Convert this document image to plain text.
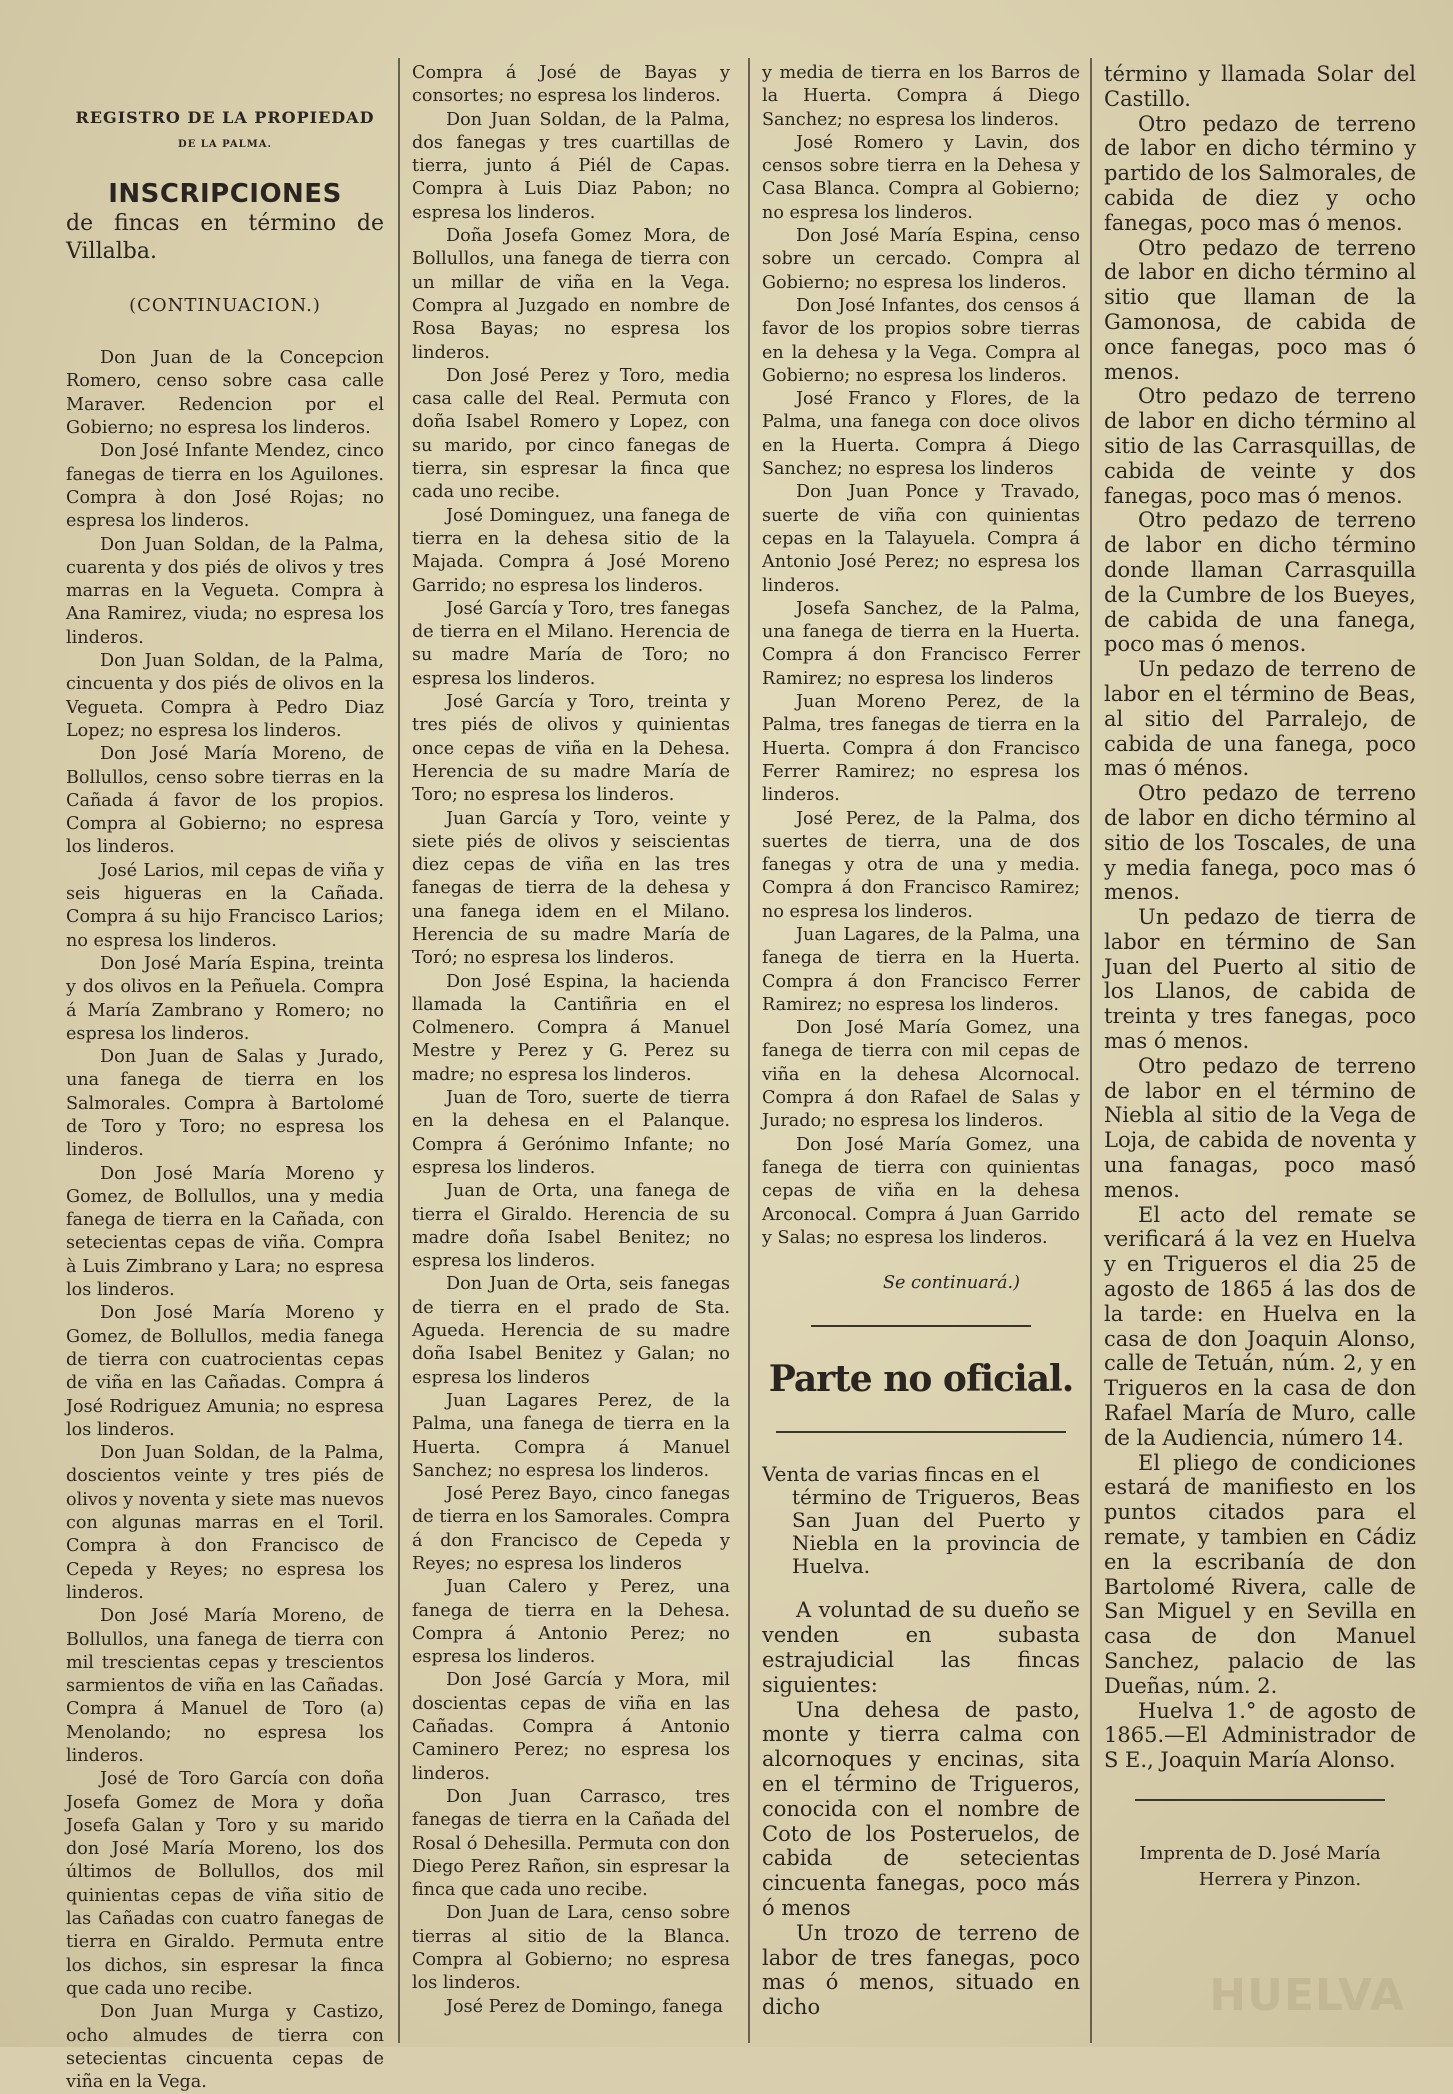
REGISTRO DE LA PROPIEDAD
DE LA PALMA.
INSCRIPCIONES
de fincas en término de Villalba.
(CONTINUACION.)

Don Juan de la Concepcion Romero, censo sobre casa calle Maraver. Redencion por el Gobierno; no espresa los linderos.

Don José Infante Mendez, cinco fanegas de tierra en los Aguilones. Compra à don José Rojas; no espresa los linderos.

Don Juan Soldan, de la Palma, cuarenta y dos piés de olivos y tres marras en la Vegueta. Compra à Ana Ramirez, viuda; no espresa los linderos.

Don Juan Soldan, de la Palma, cincuenta y dos piés de olivos en la Vegueta. Compra à Pedro Diaz Lopez; no espresa los linderos.

Don José María Moreno, de Bollullos, censo sobre tierras en la Cañada á favor de los propios. Compra al Gobierno; no espresa los linderos.

José Larios, mil cepas de viña y seis higueras en la Cañada. Compra á su hijo Francisco Larios; no espresa los linderos.

Don José María Espina, treinta y dos olivos en la Peñuela. Compra á María Zambrano y Romero; no espresa los linderos.

Don Juan de Salas y Jurado, una fanega de tierra en los Salmorales. Compra à Bartolomé de Toro y Toro; no espresa los linderos.

Don José María Moreno y Gomez, de Bollullos, una y media fanega de tierra en la Cañada, con setecientas cepas de viña. Compra à Luis Zimbrano y Lara; no espresa los linderos.

Don José María Moreno y Gomez, de Bollullos, media fanega de tierra con cuatrocientas cepas de viña en las Cañadas. Compra á José Rodriguez Amunia; no espresa los linderos.

Don Juan Soldan, de la Palma, doscientos veinte y tres piés de olivos y noventa y siete mas nuevos con algunas marras en el Toril. Compra à don Francisco de Cepeda y Reyes; no espresa los linderos.

Don José María Moreno, de Bollullos, una fanega de tierra con mil trescientas cepas y trescientos sarmientos de viña en las Cañadas. Compra á Manuel de Toro (a) Menolando; no espresa los linderos.

José de Toro García con doña Josefa Gomez de Mora y doña Josefa Galan y Toro y su marido don José María Moreno, los dos últimos de Bollullos, dos mil quinientas cepas de viña sitio de las Cañadas con cuatro fanegas de tierra en Giraldo. Permuta entre los dichos, sin espresar la finca que cada uno recibe.

Don Juan Murga y Castizo, ocho almudes de tierra con setecientas cincuenta cepas de viña en la Vega.

Compra á José de Bayas y consortes; no espresa los linderos.

Don Juan Soldan, de la Palma, dos fanegas y tres cuartillas de tierra, junto á Piél de Capas. Compra à Luis Diaz Pabon; no espresa los linderos.

Doña Josefa Gomez Mora, de Bollullos, una fanega de tierra con un millar de viña en la Vega. Compra al Juzgado en nombre de Rosa Bayas; no espresa los linderos.

Don José Perez y Toro, media casa calle del Real. Permuta con doña Isabel Romero y Lopez, con su marido, por cinco fanegas de tierra, sin espresar la finca que cada uno recibe.

José Dominguez, una fanega de tierra en la dehesa sitio de la Majada. Compra á José Moreno Garrido; no espresa los linderos.

José García y Toro, tres fanegas de tierra en el Milano. Herencia de su madre María de Toro; no espresa los linderos.

José García y Toro, treinta y tres piés de olivos y quinientas once cepas de viña en la Dehesa. Herencia de su madre María de Toro; no espresa los linderos.

Juan García y Toro, veinte y siete piés de olivos y seiscientas diez cepas de viña en las tres fanegas de tierra de la dehesa y una fanega idem en el Milano. Herencia de su madre María de Toró; no espresa los linderos.

Don José Espina, la hacienda llamada la Cantiñria en el Colmenero. Compra á Manuel Mestre y Perez y G. Perez su madre; no espresa los linderos.

Juan de Toro, suerte de tierra en la dehesa en el Palanque. Compra á Gerónimo Infante; no espresa los linderos.

Juan de Orta, una fanega de tierra el Giraldo. Herencia de su madre doña Isabel Benitez; no espresa los linderos.

Don Juan de Orta, seis fanegas de tierra en el prado de Sta. Agueda. Herencia de su madre doña Isabel Benitez y Galan; no espresa los linderos

Juan Lagares Perez, de la Palma, una fanega de tierra en la Huerta. Compra á Manuel Sanchez; no espresa los linderos.

José Perez Bayo, cinco fanegas de tierra en los Samorales. Compra á don Francisco de Cepeda y Reyes; no espresa los linderos

Juan Calero y Perez, una fanega de tierra en la Dehesa. Compra á Antonio Perez; no espresa los linderos.

Don José García y Mora, mil doscientas cepas de viña en las Cañadas. Compra á Antonio Caminero Perez; no espresa los linderos.

Don Juan Carrasco, tres fanegas de tierra en la Cañada del Rosal ó Dehesilla. Permuta con don Diego Perez Rañon, sin espresar la finca que cada uno recibe.

Don Juan de Lara, censo sobre tierras al sitio de la Blanca. Compra al Gobierno; no espresa los linderos.

José Perez de Domingo, fanega

y media de tierra en los Barros de la Huerta. Compra á Diego Sanchez; no espresa los linderos.

José Romero y Lavin, dos censos sobre tierra en la Dehesa y Casa Blanca. Compra al Gobierno; no espresa los linderos.

Don José María Espina, censo sobre un cercado. Compra al Gobierno; no espresa los linderos.

Don José Infantes, dos censos á favor de los propios sobre tierras en la dehesa y la Vega. Compra al Gobierno; no espresa los linderos.

José Franco y Flores, de la Palma, una fanega con doce olivos en la Huerta. Compra á Diego Sanchez; no espresa los linderos

Don Juan Ponce y Travado, suerte de viña con quinientas cepas en la Talayuela. Compra á Antonio José Perez; no espresa los linderos.

Josefa Sanchez, de la Palma, una fanega de tierra en la Huerta. Compra á don Francisco Ferrer Ramirez; no espresa los linderos

Juan Moreno Perez, de la Palma, tres fanegas de tierra en la Huerta. Compra á don Francisco Ferrer Ramirez; no espresa los linderos.

José Perez, de la Palma, dos suertes de tierra, una de dos fanegas y otra de una y media. Compra á don Francisco Ramirez; no espresa los linderos.

Juan Lagares, de la Palma, una fanega de tierra en la Huerta. Compra á don Francisco Ferrer Ramirez; no espresa los linderos.

Don José María Gomez, una fanega de tierra con mil cepas de viña en la dehesa Alcornocal. Compra á don Rafael de Salas y Jurado; no espresa los linderos.

Don José María Gomez, una fanega de tierra con quinientas cepas de viña en la dehesa Arconocal. Compra á Juan Garrido y Salas; no espresa los linderos.

Se continuará.)
Parte no oficial.
Venta de varias fincas en el
término de Trigueros, Beas San Juan del Puerto y Niebla en la provincia de Huelva.

A voluntad de su dueño se venden en subasta estrajudicial las fincas siguientes:

Una dehesa de pasto, monte y tierra calma con alcornoques y encinas, sita en el término de Trigueros, conocida con el nombre de Coto de los Posteruelos, de cabida de setecientas cincuenta fanegas, poco más ó menos

Un trozo de terreno de labor de tres fanegas, poco mas ó menos, situado en dicho

término y llamada Solar del Castillo.

Otro pedazo de terreno de labor en dicho término y partido de los Salmorales, de cabida de diez y ocho fanegas, poco mas ó menos.

Otro pedazo de terreno de labor en dicho término al sitio que llaman de la Gamonosa, de cabida de once fanegas, poco mas ó menos.

Otro pedazo de terreno de labor en dicho término al sitio de las Carrasquillas, de cabida de veinte y dos fanegas, poco mas ó menos.

Otro pedazo de terreno de labor en dicho término donde llaman Carrasquilla de la Cumbre de los Bueyes, de cabida de una fanega, poco mas ó menos.

Un pedazo de terreno de labor en el término de Beas, al sitio del Parralejo, de cabida de una fanega, poco mas ó ménos.

Otro pedazo de terreno de labor en dicho término al sitio de los Toscales, de una y media fanega, poco mas ó menos.

Un pedazo de tierra de labor en término de San Juan del Puerto al sitio de los Llanos, de cabida de treinta y tres fanegas, poco mas ó menos.

Otro pedazo de terreno de labor en el término de Niebla al sitio de la Vega de Loja, de cabida de noventa y una fanagas, poco masó menos.

El acto del remate se verificará á la vez en Huelva y en Trigueros el dia 25 de agosto de 1865 á las dos de la tarde: en Huelva en la casa de don Joaquin Alonso, calle de Tetuán, núm. 2, y en Trigueros en la casa de don Rafael María de Muro, calle de la Audiencia, número 14.

El pliego de condiciones estará de manifiesto en los puntos citados para el remate, y tambien en Cádiz en la escribanía de don Bartolomé Rivera, calle de San Miguel y en Sevilla en casa de don Manuel Sanchez, palacio de las Dueñas, núm. 2.

Huelva 1.° de agosto de 1865.—El Administrador de S E., Joaquin María Alonso.

Imprenta de D. José María
Herrera y Pinzon.
HUELVA
